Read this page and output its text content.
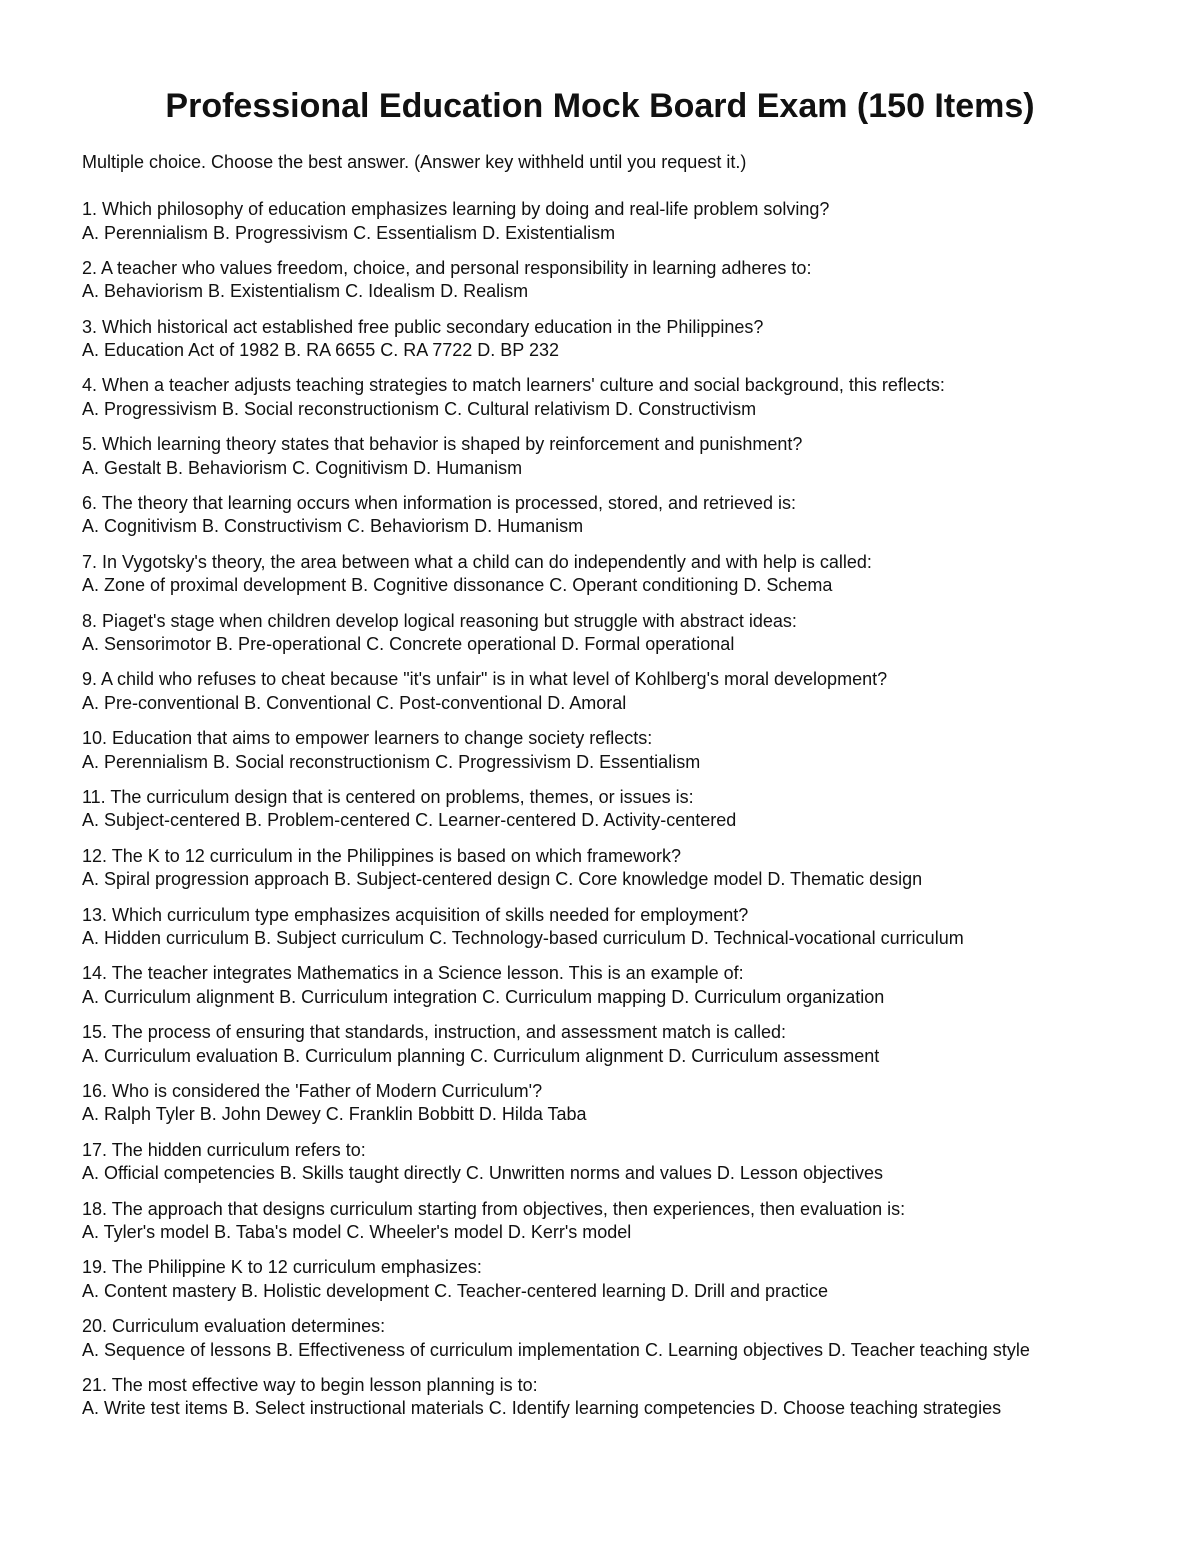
Professional Education Mock Board Exam (150 Items)

Multiple choice. Choose the best answer. (Answer key withheld until you request it.)

1. Which philosophy of education emphasizes learning by doing and real-life problem solving?
A. Perennialism B. Progressivism C. Essentialism D. Existentialism
2. A teacher who values freedom, choice, and personal responsibility in learning adheres to:
A. Behaviorism B. Existentialism C. Idealism D. Realism
3. Which historical act established free public secondary education in the Philippines?
A. Education Act of 1982 B. RA 6655 C. RA 7722 D. BP 232
4. When a teacher adjusts teaching strategies to match learners' culture and social background, this reflects:
A. Progressivism B. Social reconstructionism C. Cultural relativism D. Constructivism
5. Which learning theory states that behavior is shaped by reinforcement and punishment?
A. Gestalt B. Behaviorism C. Cognitivism D. Humanism
6. The theory that learning occurs when information is processed, stored, and retrieved is:
A. Cognitivism B. Constructivism C. Behaviorism D. Humanism
7. In Vygotsky's theory, the area between what a child can do independently and with help is called:
A. Zone of proximal development B. Cognitive dissonance C. Operant conditioning D. Schema
8. Piaget's stage when children develop logical reasoning but struggle with abstract ideas:
A. Sensorimotor B. Pre-operational C. Concrete operational D. Formal operational
9. A child who refuses to cheat because "it's unfair" is in what level of Kohlberg's moral development?
A. Pre-conventional B. Conventional C. Post-conventional D. Amoral
10. Education that aims to empower learners to change society reflects:
A. Perennialism B. Social reconstructionism C. Progressivism D. Essentialism
11. The curriculum design that is centered on problems, themes, or issues is:
A. Subject-centered B. Problem-centered C. Learner-centered D. Activity-centered
12. The K to 12 curriculum in the Philippines is based on which framework?
A. Spiral progression approach B. Subject-centered design C. Core knowledge model D. Thematic design
13. Which curriculum type emphasizes acquisition of skills needed for employment?
A. Hidden curriculum B. Subject curriculum C. Technology-based curriculum D. Technical-vocational curriculum
14. The teacher integrates Mathematics in a Science lesson. This is an example of:
A. Curriculum alignment B. Curriculum integration C. Curriculum mapping D. Curriculum organization
15. The process of ensuring that standards, instruction, and assessment match is called:
A. Curriculum evaluation B. Curriculum planning C. Curriculum alignment D. Curriculum assessment
16. Who is considered the 'Father of Modern Curriculum'?
A. Ralph Tyler B. John Dewey C. Franklin Bobbitt D. Hilda Taba
17. The hidden curriculum refers to:
A. Official competencies B. Skills taught directly C. Unwritten norms and values D. Lesson objectives
18. The approach that designs curriculum starting from objectives, then experiences, then evaluation is:
A. Tyler's model B. Taba's model C. Wheeler's model D. Kerr's model
19. The Philippine K to 12 curriculum emphasizes:
A. Content mastery B. Holistic development C. Teacher-centered learning D. Drill and practice
20. Curriculum evaluation determines:
A. Sequence of lessons B. Effectiveness of curriculum implementation C. Learning objectives D. Teacher teaching style
21. The most effective way to begin lesson planning is to:
A. Write test items B. Select instructional materials C. Identify learning competencies D. Choose teaching strategies
